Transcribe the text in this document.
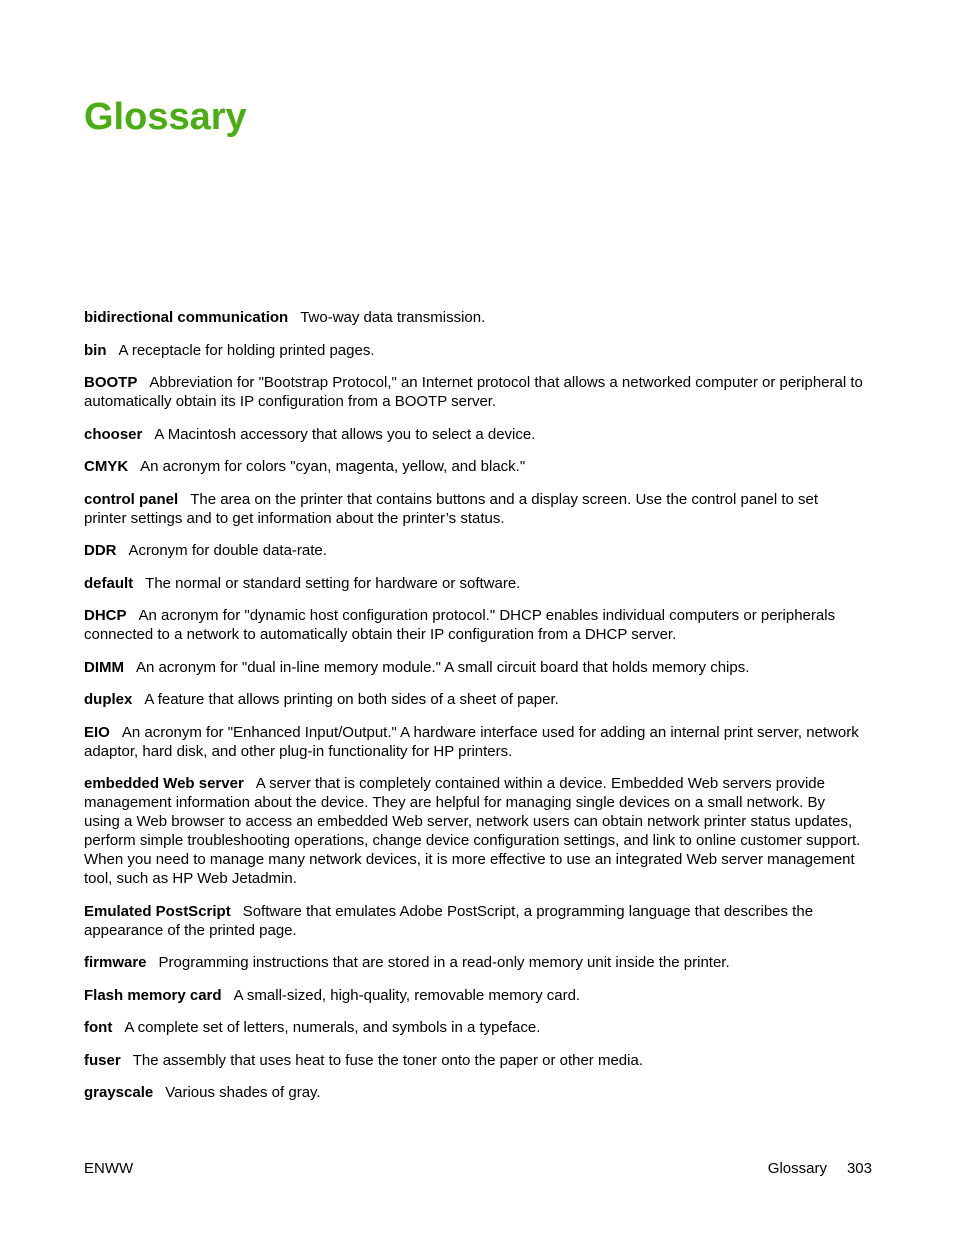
Glossary
bidirectional communication Two-way data transmission.
bin A receptacle for holding printed pages.
BOOTP Abbreviation for "Bootstrap Protocol," an Internet protocol that allows a networked computer or peripheral to automatically obtain its IP configuration from a BOOTP server.
chooser A Macintosh accessory that allows you to select a device.
CMYK An acronym for colors "cyan, magenta, yellow, and black."
control panel The area on the printer that contains buttons and a display screen. Use the control panel to set printer settings and to get information about the printer’s status.
DDR Acronym for double data-rate.
default The normal or standard setting for hardware or software.
DHCP An acronym for "dynamic host configuration protocol." DHCP enables individual computers or peripherals connected to a network to automatically obtain their IP configuration from a DHCP server.
DIMM An acronym for "dual in-line memory module." A small circuit board that holds memory chips.
duplex A feature that allows printing on both sides of a sheet of paper.
EIO An acronym for "Enhanced Input/Output." A hardware interface used for adding an internal print server, network adaptor, hard disk, and other plug-in functionality for HP printers.
embedded Web server A server that is completely contained within a device. Embedded Web servers provide management information about the device. They are helpful for managing single devices on a small network. By using a Web browser to access an embedded Web server, network users can obtain network printer status updates, perform simple troubleshooting operations, change device configuration settings, and link to online customer support. When you need to manage many network devices, it is more effective to use an integrated Web server management tool, such as HP Web Jetadmin.
Emulated PostScript Software that emulates Adobe PostScript, a programming language that describes the appearance of the printed page.
firmware Programming instructions that are stored in a read-only memory unit inside the printer.
Flash memory card A small-sized, high-quality, removable memory card.
font A complete set of letters, numerals, and symbols in a typeface.
fuser The assembly that uses heat to fuse the toner onto the paper or other media.
grayscale Various shades of gray.
ENWW	Glossary 303
